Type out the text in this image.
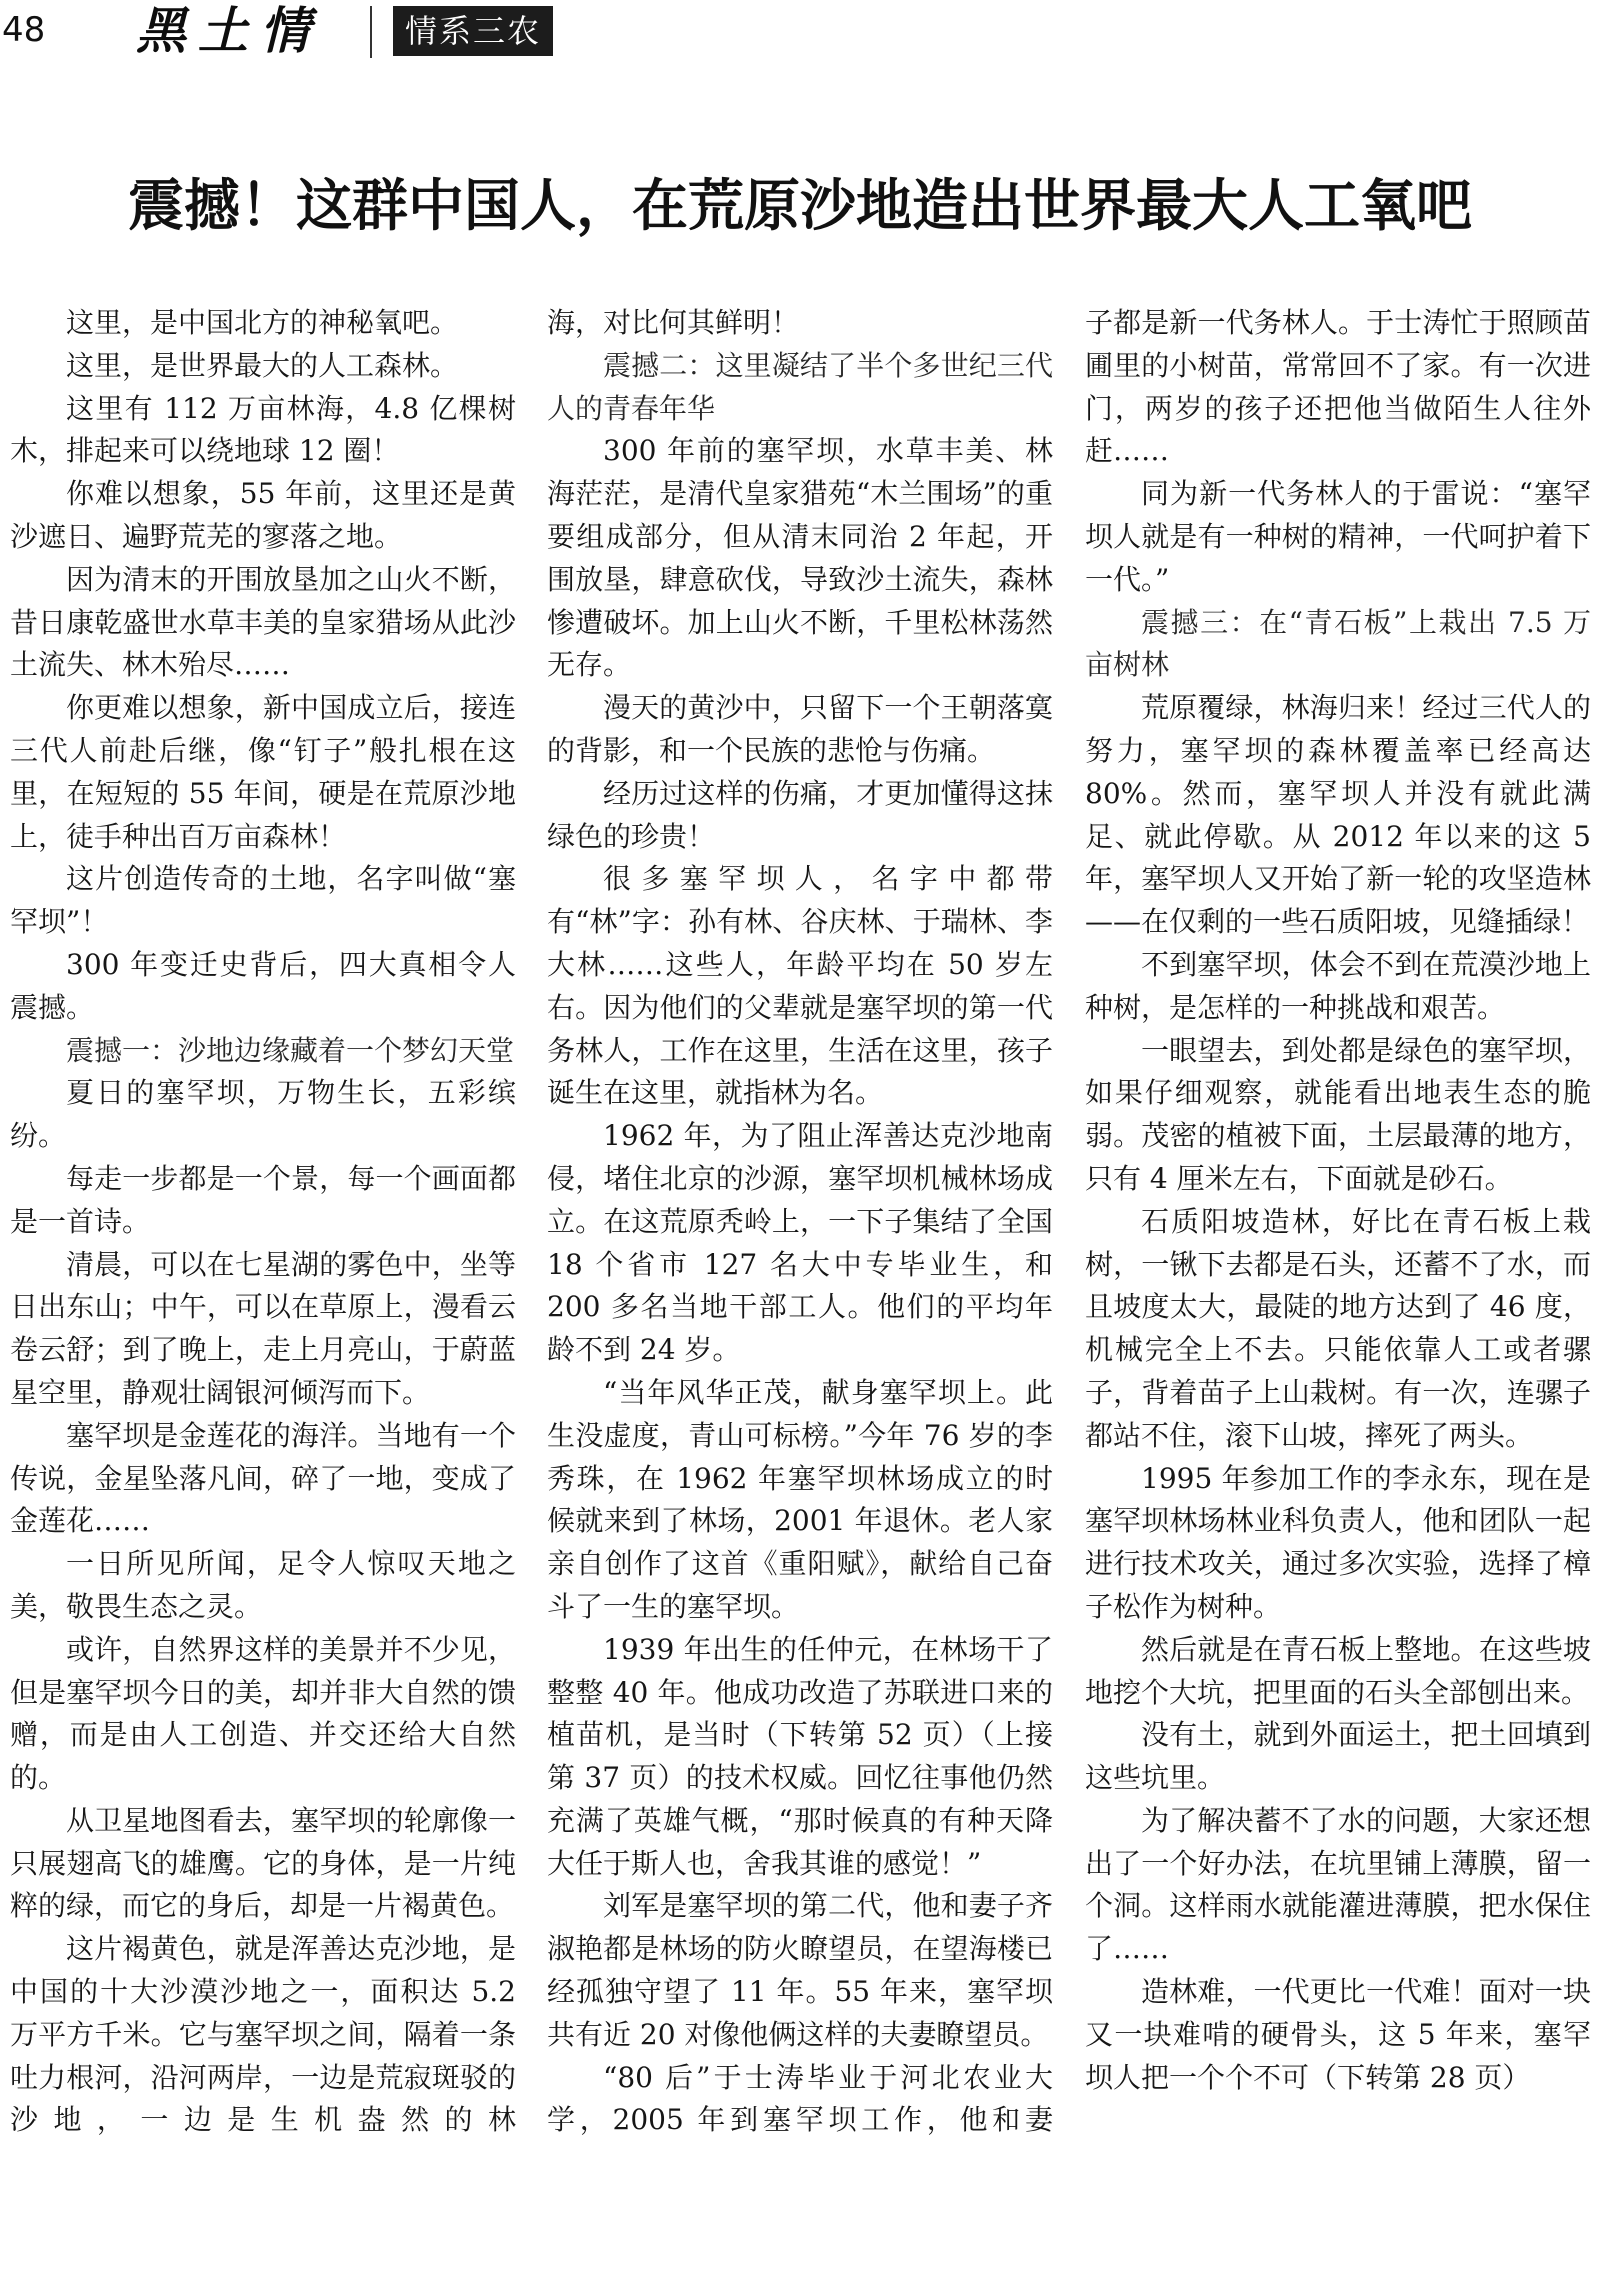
48 黑土情	情系三农
震撼！这群中国人，在荒原沙地造出世界最大人工氧吧

这里，是中国北方的神秘氧吧。

这里，是世界最大的人工森林。

这里有 112 万亩林海，4.8 亿棵树木，排起来可以绕地球 12 圈！

你难以想象，55 年前，这里还是黄沙遮日、遍野荒芜的寥落之地。

因为清末的开围放垦加之山火不断，昔日康乾盛世水草丰美的皇家猎场从此沙土流失、林木殆尽……

你更难以想象，新中国成立后，接连三代人前赴后继，像“钉子”般扎根在这里，在短短的 55 年间，硬是在荒原沙地上，徒手种出百万亩森林！

这片创造传奇的土地，名字叫做“塞罕坝”！

300 年变迁史背后，四大真相令人震撼。

震撼一：沙地边缘藏着一个梦幻天堂

夏日的塞罕坝，万物生长，五彩缤纷。

每走一步都是一个景，每一个画面都是一首诗。

清晨，可以在七星湖的雾色中，坐等日出东山；中午，可以在草原上，漫看云卷云舒；到了晚上，走上月亮山，于蔚蓝星空里，静观壮阔银河倾泻而下。

塞罕坝是金莲花的海洋。当地有一个传说，金星坠落凡间，碎了一地，变成了金莲花……

一日所见所闻，足令人惊叹天地之美，敬畏生态之灵。

或许，自然界这样的美景并不少见，但是塞罕坝今日的美，却并非大自然的馈赠，而是由人工创造、并交还给大自然的。

从卫星地图看去，塞罕坝的轮廓像一只展翅高飞的雄鹰。它的身体，是一片纯粹的绿，而它的身后，却是一片褐黄色。

这片褐黄色，就是浑善达克沙地，是中国的十大沙漠沙地之一，面积达 5.2 万平方千米。它与塞罕坝之间，隔着一条吐力根河，沿河两岸，一边是荒寂斑驳的沙地，一边是生机盎然的林

海，对比何其鲜明！

震撼二：这里凝结了半个多世纪三代人的青春年华

300 年前的塞罕坝，水草丰美、林海茫茫，是清代皇家猎苑“木兰围场”的重要组成部分，但从清末同治 2 年起，开围放垦，肆意砍伐，导致沙土流失，森林惨遭破坏。加上山火不断，千里松林荡然无存。

漫天的黄沙中，只留下一个王朝落寞的背影，和一个民族的悲怆与伤痛。

经历过这样的伤痛，才更加懂得这抹绿色的珍贵！

很多塞罕坝人，名字中都带有“林”字：孙有林、谷庆林、于瑞林、李大林……这些人，年龄平均在 50 岁左右。因为他们的父辈就是塞罕坝的第一代务林人，工作在这里，生活在这里，孩子诞生在这里，就指林为名。

1962 年，为了阻止浑善达克沙地南侵，堵住北京的沙源，塞罕坝机械林场成立。在这荒原秃岭上，一下子集结了全国 18 个省市 127 名大中专毕业生，和 200 多名当地干部工人。他们的平均年龄不到 24 岁。

“当年风华正茂，献身塞罕坝上。此生没虚度，青山可标榜。”今年 76 岁的李秀珠，在 1962 年塞罕坝林场成立的时候就来到了林场，2001 年退休。老人家亲自创作了这首《重阳赋》，献给自己奋斗了一生的塞罕坝。

1939 年出生的任仲元，在林场干了整整 40 年。他成功改造了苏联进口来的植苗机，是当时（下转第 52 页）（上接第 37 页）的技术权威。回忆往事他仍然充满了英雄气概，“那时候真的有种天降大任于斯人也，舍我其谁的感觉！”

刘军是塞罕坝的第二代，他和妻子齐淑艳都是林场的防火瞭望员，在望海楼已经孤独守望了 11 年。55 年来，塞罕坝共有近 20 对像他俩这样的夫妻瞭望员。

“80 后”于士涛毕业于河北农业大学，2005 年到塞罕坝工作，他和妻

子都是新一代务林人。于士涛忙于照顾苗圃里的小树苗，常常回不了家。有一次进门，两岁的孩子还把他当做陌生人往外赶……

同为新一代务林人的于雷说：“塞罕坝人就是有一种树的精神，一代呵护着下一代。”

震撼三：在“青石板”上栽出 7.5 万亩树林

荒原覆绿，林海归来！经过三代人的努力，塞罕坝的森林覆盖率已经高达 80%。然而，塞罕坝人并没有就此满足、就此停歇。从 2012 年以来的这 5 年，塞罕坝人又开始了新一轮的攻坚造林——在仅剩的一些石质阳坡，见缝插绿！

不到塞罕坝，体会不到在荒漠沙地上种树，是怎样的一种挑战和艰苦。

一眼望去，到处都是绿色的塞罕坝，如果仔细观察，就能看出地表生态的脆弱。茂密的植被下面，土层最薄的地方，只有 4 厘米左右，下面就是砂石。

石质阳坡造林，好比在青石板上栽树，一锹下去都是石头，还蓄不了水，而且坡度太大，最陡的地方达到了 46 度，机械完全上不去。只能依靠人工或者骡子，背着苗子上山栽树。有一次，连骡子都站不住，滚下山坡，摔死了两头。

1995 年参加工作的李永东，现在是塞罕坝林场林业科负责人，他和团队一起进行技术攻关，通过多次实验，选择了樟子松作为树种。

然后就是在青石板上整地。在这些坡地挖个大坑，把里面的石头全部刨出来。

没有土，就到外面运土，把土回填到这些坑里。

为了解决蓄不了水的问题，大家还想出了一个好办法，在坑里铺上薄膜，留一个洞。这样雨水就能灌进薄膜，把水保住了……

造林难，一代更比一代难！面对一块又一块难啃的硬骨头，这 5 年来，塞罕坝人把一个个不可（下转第 28 页）
